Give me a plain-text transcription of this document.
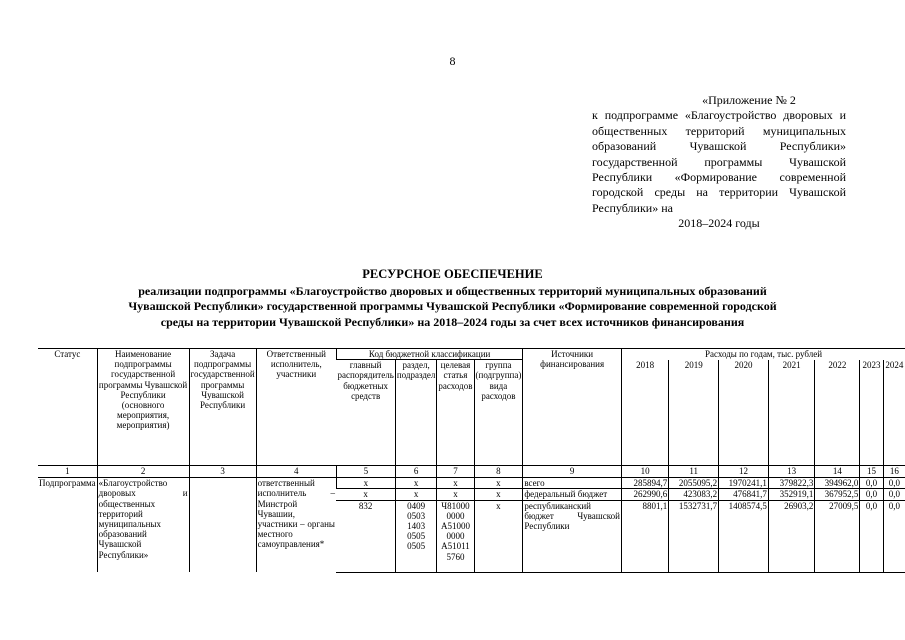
8
«Приложение № 2
к подпрограмме «Благоустройство дворовых и общественных территорий муниципальных образований Чувашской Республики» государственной программы Чувашской Республики «Формирование современной городской среды на территории Чувашской Республики» на
2018–2024 годы
РЕСУРСНОЕ ОБЕСПЕЧЕНИЕ
реализации подпрограммы «Благоустройство дворовых и общественных территорий муниципальных образований
Чувашской Республики» государственной программы Чувашской Республики «Формирование современной городской
среды на территории Чувашской Республики» на 2018–2024 годы за счет всех источников финансирования
Статус	Наименование подпрограммы государственной программы Чувашской Республики (основного мероприятия, мероприятия)	Задача подпрограммы государственной программы Чувашской Республики	Ответственный исполнитель, участники	Код бюджетной классификации				Источники финансирования	Расходы по годам, тыс. рублей						
				главный распорядитель бюджетных средств	раздел, подраздел	целевая статья расходов	группа (подгруппа) вида расходов		2018	2019	2020	2021	2022	2023	2024
1	2	3	4	5	6	7	8	9	10	11	12	13	14	15	16
Подпрограмма	«Благоустройство дворовых и общественных территорий муниципальных образований Чувашской Республики»		ответственный исполнитель – Минстрой Чувашии, участники – органы местного самоуправления*	x	x	x	x	всего	285894,7	2055095,2	1970241,1	379822,3	394962,0	0,0	0,0
				x	x	x	x	федеральный бюджет	262990,6	423083,2	476841,7	352919,1	367952,5	0,0	0,0
				832	0409 0503 1403 0505 0505	Ч81000 0000 А51000 0000 А51011 5760	x	республиканский бюджет Чувашской Республики	8801,1	1532731,7	1408574,5	26903,2	27009,5	0,0	0,0
